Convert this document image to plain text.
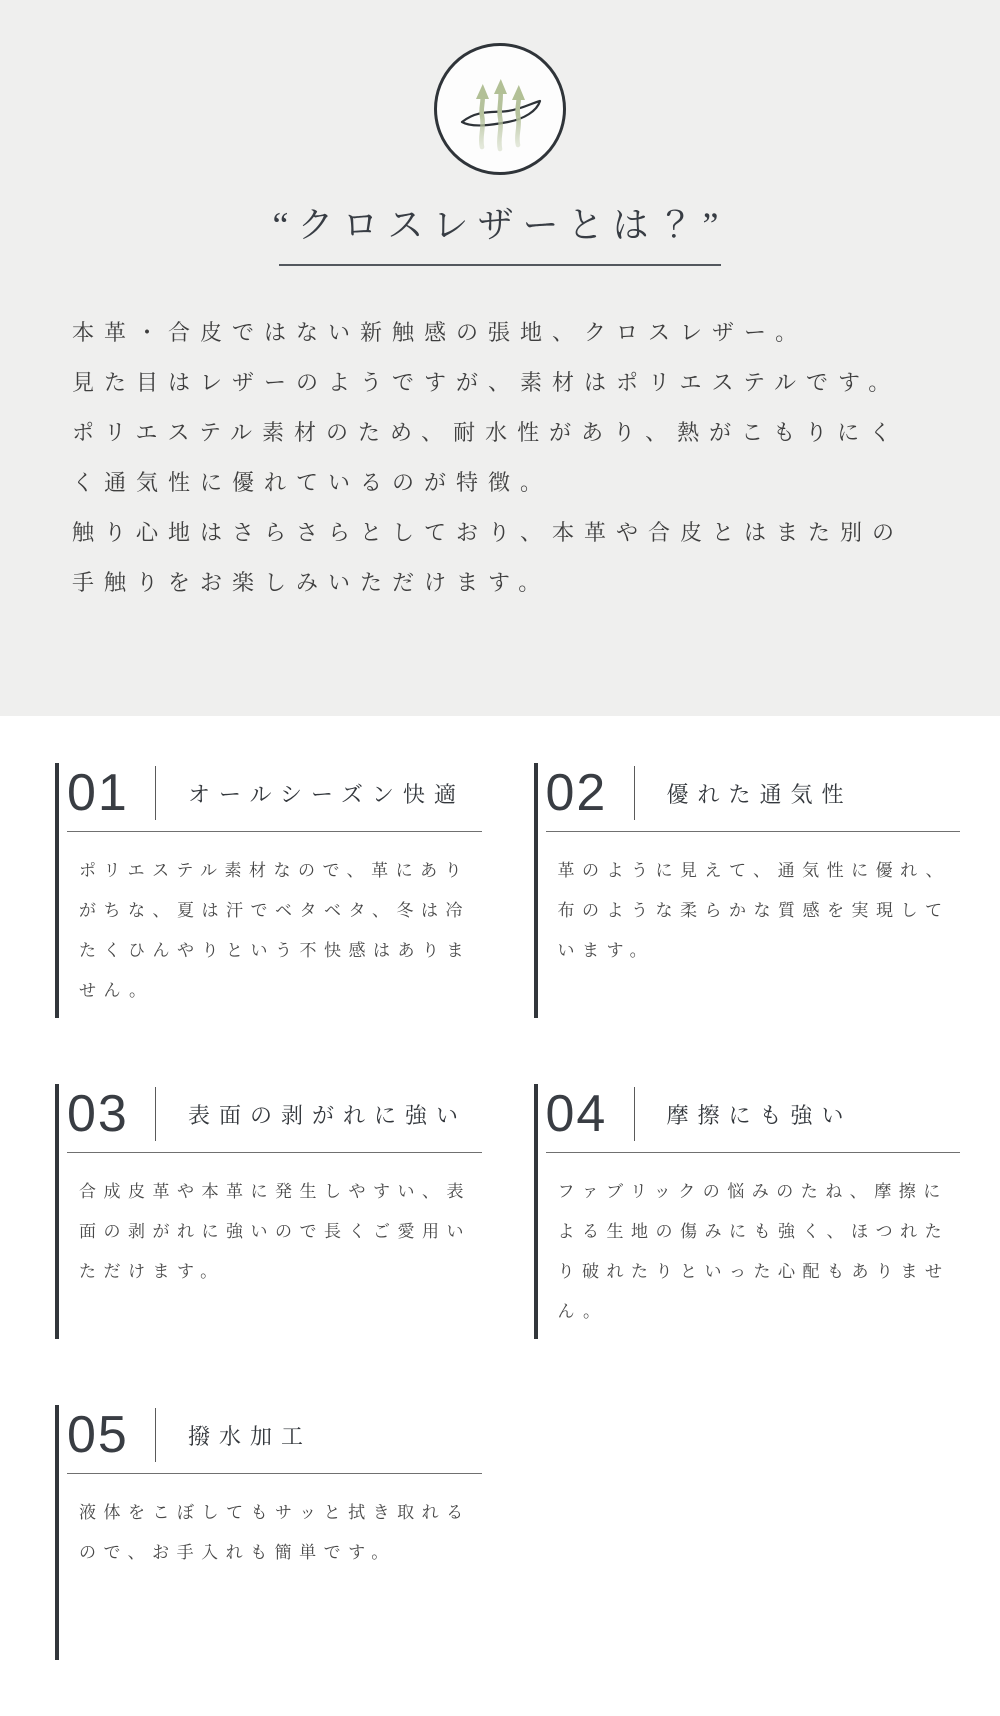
“クロスレザーとは？”
本革・合皮ではない新触感の張地、クロスレザー。
見た目はレザーのようですが、素材はポリエステルです。
ポリエステル素材のため、耐水性があり、熱がこもりにく
く通気性に優れているのが特徴。
触り心地はさらさらとしており、本革や合皮とはまた別の
手触りをお楽しみいただけます。
01	オールシーズン快適

ポリエステル素材なので、革にありがちな、夏は汗でベタベタ、冬は冷たくひんやりという不快感はありません。

02	優れた通気性

革のように見えて、通気性に優れ、布のような柔らかな質感を実現しています。

03	表面の剥がれに強い

合成皮革や本革に発生しやすい、表面の剥がれに強いので長くご愛用いただけます。

04	摩擦にも強い

ファブリックの悩みのたね、摩擦による生地の傷みにも強く、ほつれたり破れたりといった心配もありません。

05	撥水加工

液体をこぼしてもサッと拭き取れるので、お手入れも簡単です。
